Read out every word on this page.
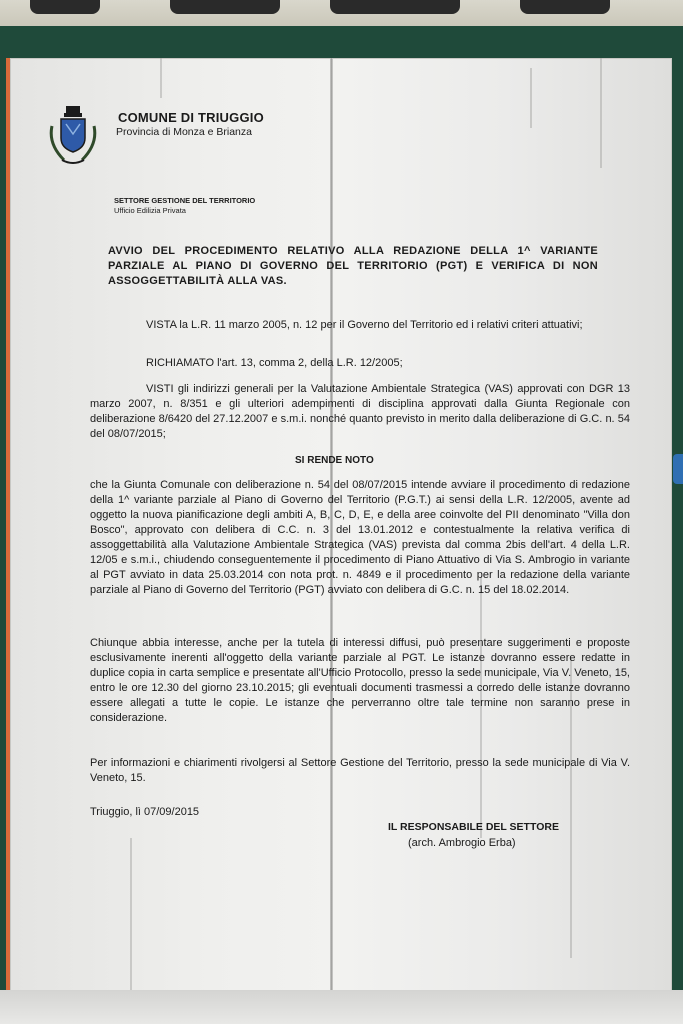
COMUNE DI TRIUGGIO
Provincia di Monza e Brianza
SETTORE GESTIONE DEL TERRITORIO
Ufficio Edilizia Privata
AVVIO DEL PROCEDIMENTO RELATIVO ALLA REDAZIONE DELLA 1^ VARIANTE PARZIALE AL PIANO DI GOVERNO DEL TERRITORIO (PGT) E VERIFICA DI NON ASSOGGETTABILITÀ ALLA VAS.
VISTA la L.R. 11 marzo 2005, n. 12 per il Governo del Territorio ed i relativi criteri attuativi;
RICHIAMATO l'art. 13, comma 2, della L.R. 12/2005;
VISTI gli indirizzi generali per la Valutazione Ambientale Strategica (VAS) approvati con DGR 13 marzo 2007, n. 8/351 e gli ulteriori adempimenti di disciplina approvati dalla Giunta Regionale con deliberazione 8/6420 del 27.12.2007 e s.m.i. nonché quanto previsto in merito dalla deliberazione di G.C. n. 54 del 08/07/2015;
SI RENDE NOTO
che la Giunta Comunale con deliberazione n. 54 del 08/07/2015 intende avviare il procedimento di redazione della 1^ variante parziale al Piano di Governo del Territorio (P.G.T.) ai sensi della L.R. 12/2005, avente ad oggetto la nuova pianificazione degli ambiti A, B, C, D, E, e della aree coinvolte del PII denominato "Villa don Bosco", approvato con delibera di C.C. n. 3 del 13.01.2012 e contestualmente la relativa verifica di assoggettabilità alla Valutazione Ambientale Strategica (VAS) prevista dal comma 2bis dell'art. 4 della L.R. 12/05 e s.m.i., chiudendo conseguentemente il procedimento di Piano Attuativo di Via S. Ambrogio in variante al PGT avviato in data 25.03.2014 con nota prot. n. 4849 e il procedimento per la redazione della variante parziale al Piano di Governo del Territorio (PGT) avviato con delibera di G.C. n. 15 del 18.02.2014.
Chiunque abbia interesse, anche per la tutela di interessi diffusi, può presentare suggerimenti e proposte esclusivamente inerenti all'oggetto della variante parziale al PGT. Le istanze dovranno essere redatte in duplice copia in carta semplice e presentate all'Ufficio Protocollo, presso la sede municipale, Via V. Veneto, 15, entro le ore 12.30 del giorno 23.10.2015; gli eventuali documenti trasmessi a corredo delle istanze dovranno essere allegati a tutte le copie. Le istanze che perverranno oltre tale termine non saranno prese in considerazione.
Per informazioni e chiarimenti rivolgersi al Settore Gestione del Territorio, presso la sede municipale di Via V. Veneto, 15.
Triuggio, lì 07/09/2015
IL RESPONSABILE DEL SETTORE
(arch. Ambrogio Erba)
